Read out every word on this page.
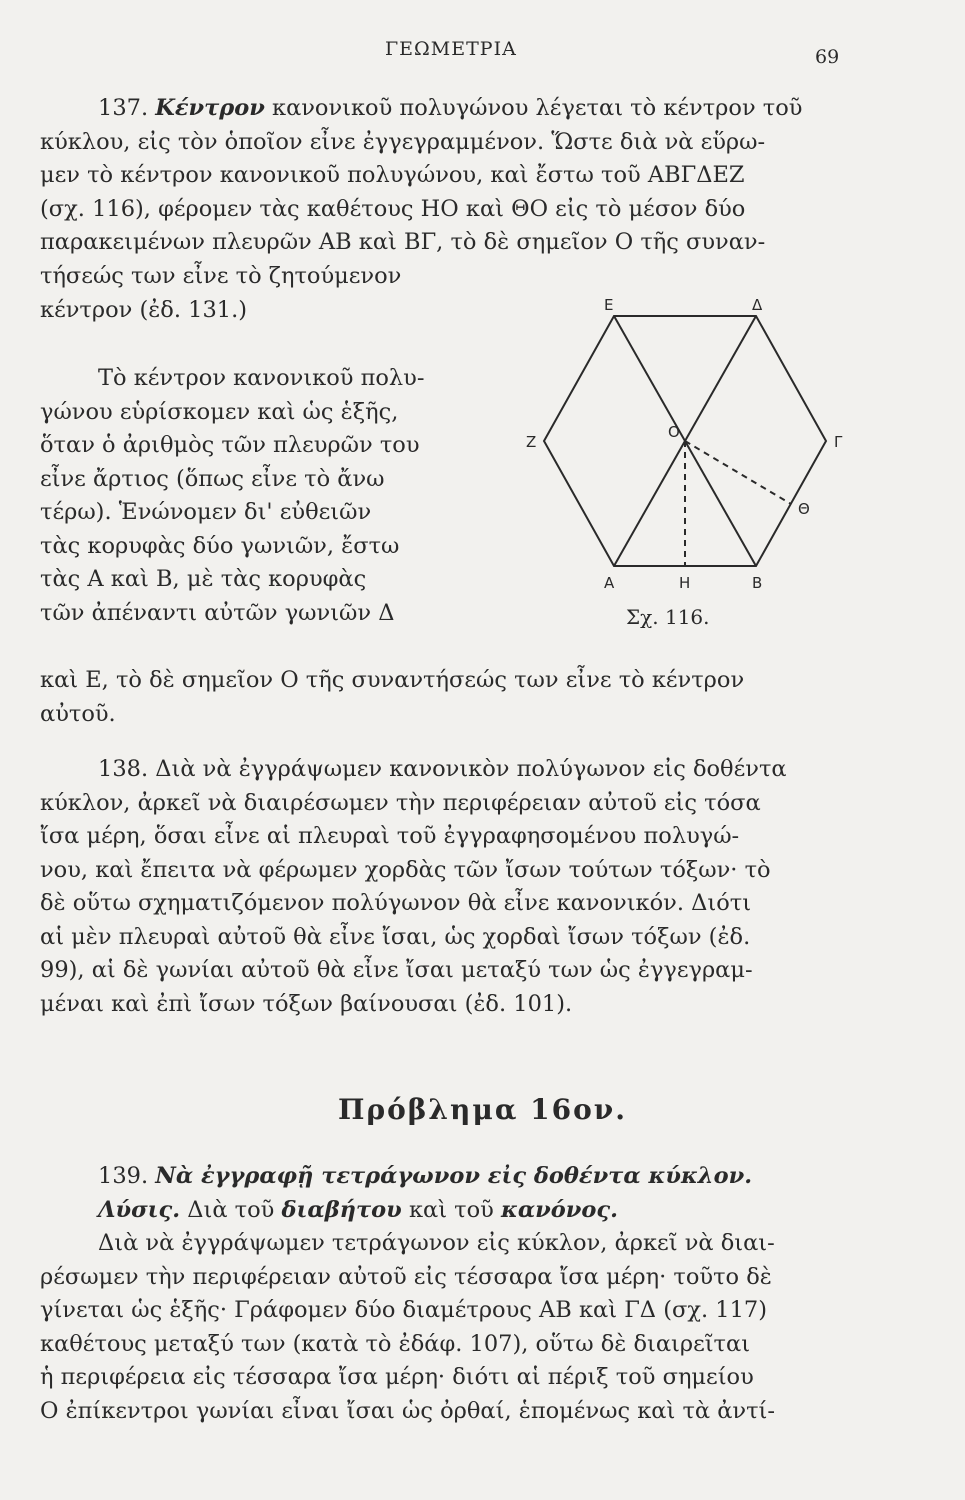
ΓΕΩΜΕΤΡΙΑ	69

137. Κέντρον κανονικοῦ πολυγώνου λέγεται τὸ κέντρον τοῦ

κύκλου, εἰς τὸν ὁποῖον εἶνε ἐγγεγραμμένον. Ὥστε διὰ νὰ εὕρω-

μεν τὸ κέντρον κανονικοῦ πολυγώνου, καὶ ἔστω τοῦ ΑΒΓΔΕΖ

(σχ. 116), φέρομεν τὰς καθέτους ΗΟ καὶ ΘΟ εἰς τὸ μέσον δύο

παρακειμένων πλευρῶν ΑΒ καὶ ΒΓ, τὸ δὲ σημεῖον Ο τῆς συναν-

τήσεώς των εἶνε τὸ ζητούμενον

κέντρον (ἐδ. 131.)

Τὸ κέντρον κανονικοῦ πολυ-

γώνου εὑρίσκομεν καὶ ὡς ἑξῆς,

ὅταν ὁ ἀριθμὸς τῶν πλευρῶν του

εἶνε ἄρτιος (ὅπως εἶνε τὸ ἄνω

τέρω). Ἑνώνομεν δι' εὐθειῶν

τὰς κορυφὰς δύο γωνιῶν, ἔστω

τὰς Α καὶ Β, μὲ τὰς κορυφὰς

τῶν ἀπέναντι αὐτῶν γωνιῶν Δ

Ε	Δ
Ζ	Γ
Ο
Θ
Α	Η	Β
Σχ. 116.

καὶ Ε, τὸ δὲ σημεῖον Ο τῆς συναντήσεώς των εἶνε τὸ κέντρον

αὐτοῦ.

138. Διὰ νὰ ἐγγράψωμεν κανονικὸν πολύγωνον εἰς δοθέντα

κύκλον, ἀρκεῖ νὰ διαιρέσωμεν τὴν περιφέρειαν αὐτοῦ εἰς τόσα

ἴσα μέρη, ὅσαι εἶνε αἱ πλευραὶ τοῦ ἐγγραφησομένου πολυγώ-

νου, καὶ ἔπειτα νὰ φέρωμεν χορδὰς τῶν ἴσων τούτων τόξων· τὸ

δὲ οὕτω σχηματιζόμενον πολύγωνον θὰ εἶνε κανονικόν. Διότι

αἱ μὲν πλευραὶ αὐτοῦ θὰ εἶνε ἴσαι, ὡς χορδαὶ ἴσων τόξων (ἐδ.

99), αἱ δὲ γωνίαι αὐτοῦ θὰ εἶνε ἴσαι μεταξύ των ὡς ἐγγεγραμ-

μέναι καὶ ἐπὶ ἴσων τόξων βαίνουσαι (ἐδ. 101).

Πρόβλημα 16ον.

139. Νὰ ἐγγραφῇ τετράγωνον εἰς δοθέντα κύκλον.

Λύσις. Διὰ τοῦ διαβήτου καὶ τοῦ κανόνος.

Διὰ νὰ ἐγγράψωμεν τετράγωνον εἰς κύκλον, ἀρκεῖ νὰ διαι-

ρέσωμεν τὴν περιφέρειαν αὐτοῦ εἰς τέσσαρα ἴσα μέρη· τοῦτο δὲ

γίνεται ὡς ἑξῆς· Γράφομεν δύο διαμέτρους ΑΒ καὶ ΓΔ (σχ. 117)

καθέτους μεταξύ των (κατὰ τὸ ἐδάφ. 107), οὕτω δὲ διαιρεῖται

ἡ περιφέρεια εἰς τέσσαρα ἴσα μέρη· διότι αἱ πέριξ τοῦ σημείου

Ο ἐπίκεντροι γωνίαι εἶναι ἴσαι ὡς ὀρθαί, ἑπομένως καὶ τὰ ἀντί-
